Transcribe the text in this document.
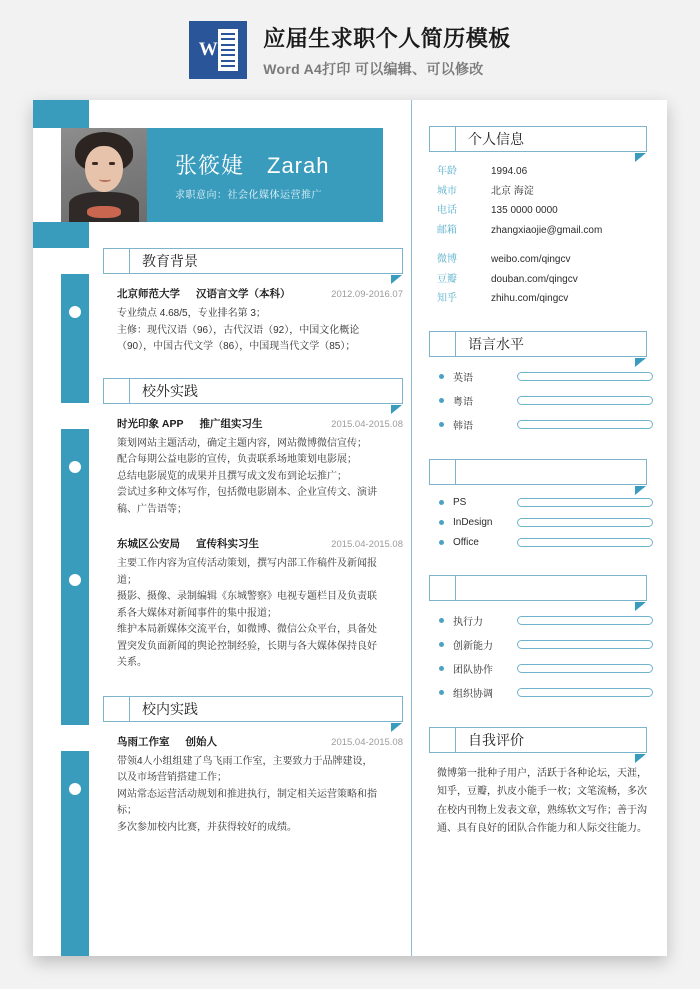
W 应届生求职个人简历模板
Word A4打印 可以编辑、可以修改
张筱婕　Zarah
求职意向：社会化媒体运营推广
教育背景
北京师范大学 汉语言文学（本科）	2012.09-2016.07
专业绩点 4.68/5，专业排名第 3；
主修：现代汉语（96），古代汉语（92），中国文化概论
（90），中国古代文学（86），中国现当代文学（85）；
校外实践
时光印象 APP 推广组实习生	2015.04-2015.08
策划网站主题活动，确定主题内容，网站微博微信宣传；
配合每期公益电影的宣传，负责联系场地策划电影展；
总结电影展览的成果并且撰写成文发布到论坛推广；
尝试过多种文体写作，包括微电影剧本、企业宣传文、演讲
稿、广告语等；
东城区公安局 宣传科实习生	2015.04-2015.08
主要工作内容为宣传活动策划，撰写内部工作稿件及新闻报
道；
摄影、摄像、录制编辑《东城警察》电视专题栏目及负责联
系各大媒体对新闻事件的集中报道；
维护本局新媒体交流平台，如微博、微信公众平台，具备处
置突发负面新闻的舆论控制经验，长期与各大媒体保持良好
关系。
校内实践
鸟雨工作室 创始人	2015.04-2015.08
带领4人小组组建了鸟飞雨工作室，主要致力于品牌建设，
以及市场营销搭建工作；
网站常态运营活动规划和推进执行，制定相关运营策略和指
标；
多次参加校内比赛，并获得较好的成绩。
个人信息
年龄	1994.06
城市	北京 海淀
电话	135 0000 0000
邮箱	zhangxiaojie@gmail.com
微博	weibo.com/qingcv
豆瓣	douban.com/qingcv
知乎	zhihu.com/qingcv
语言水平
英语
粤语
韩语
PS
InDesign
Office
执行力
创新能力
团队协作
组织协调
自我评价
微博第一批种子用户，活跃于各种论坛，天涯，知乎，豆瓣，扒皮小能手一枚；文笔流畅，多次在校内刊物上发表文章，熟练软文写作；善于沟通、具有良好的团队合作能力和人际交往能力。
